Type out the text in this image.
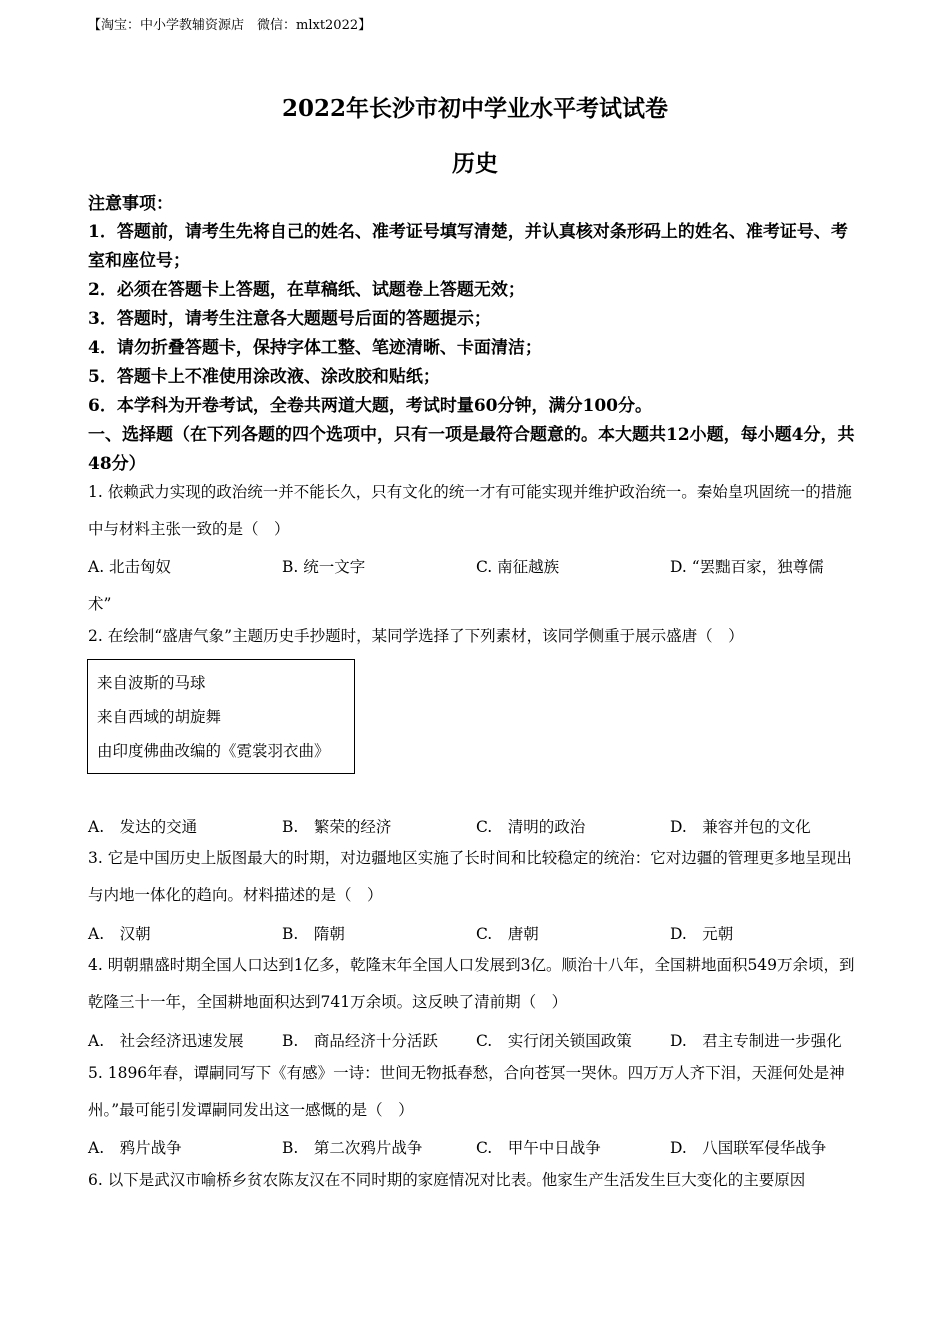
【淘宝：中小学教辅资源店　微信：mlxt2022】
2022年长沙市初中学业水平考试试卷
历史
注意事项：
1．答题前，请考生先将自己的姓名、准考证号填写清楚，并认真核对条形码上的姓名、准考证号、考室和座位号；
2．必须在答题卡上答题，在草稿纸、试题卷上答题无效；
3．答题时，请考生注意各大题题号后面的答题提示；
4．请勿折叠答题卡，保持字体工整、笔迹清晰、卡面清洁；
5．答题卡上不准使用涂改液、涂改胶和贴纸；
6．本学科为开卷考试，全卷共两道大题，考试时量60分钟，满分100分。
一、选择题（在下列各题的四个选项中，只有一项是最符合题意的。本大题共12小题，每小题4分，共48分）
1. 依赖武力实现的政治统一并不能长久，只有文化的统一才有可能实现并维护政治统一。秦始皇巩固统一的措施中与材料主张一致的是（　）
A. 北击匈奴	B. 统一文字	C. 南征越族	D. “罢黜百家，独尊儒
术”
2. 在绘制“盛唐气象”主题历史手抄题时，某同学选择了下列素材，该同学侧重于展示盛唐（　）
来自波斯的马球
来自西域的胡旋舞
由印度佛曲改编的《霓裳羽衣曲》
A.　发达的交通	B.　繁荣的经济	C.　清明的政治	D.　兼容并包的文化
3. 它是中国历史上版图最大的时期，对边疆地区实施了长时间和比较稳定的统治：它对边疆的管理更多地呈现出与内地一体化的趋向。材料描述的是（　）
A.　汉朝	B.　隋朝	C.　唐朝	D.　元朝
4. 明朝鼎盛时期全国人口达到1亿多，乾隆末年全国人口发展到3亿。顺治十八年，全国耕地面积549万余顷，到乾隆三十一年，全国耕地面积达到741万余顷。这反映了清前期（　）
A.　社会经济迅速发展 B.　商品经济十分活跃 C.　实行闭关锁国政策 D.　君主专制进一步强化
5. 1896年春，谭嗣同写下《有感》一诗：世间无物抵春愁，合向苍冥一哭休。四万万人齐下泪，天涯何处是神州。”最可能引发谭嗣同发出这一感慨的是（　）
A.　鸦片战争	B.　第二次鸦片战争	C.　甲午中日战争	D.　八国联军侵华战争
6. 以下是武汉市喻桥乡贫农陈友汉在不同时期的家庭情况对比表。他家生产生活发生巨大变化的主要原因
